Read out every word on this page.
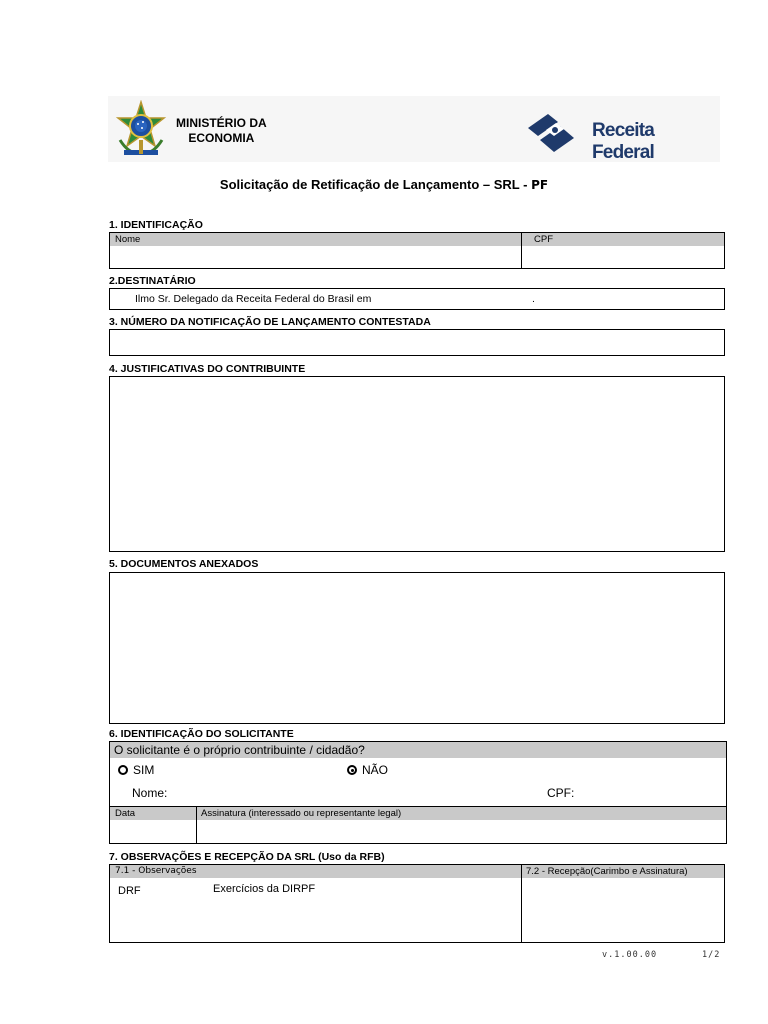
MINISTÉRIO DA
ECONOMIA	Receita Federal
Solicitação de Retificação de Lançamento – SRL - PF
1. IDENTIFICAÇÃO
Nome	CPF
2.DESTINATÁRIO
Ilmo Sr. Delegado da Receita Federal do Brasil em	.
3. NÚMERO DA NOTIFICAÇÃO DE LANÇAMENTO CONTESTADA
4. JUSTIFICATIVAS DO CONTRIBUINTE
5. DOCUMENTOS ANEXADOS
6. IDENTIFICAÇÃO DO SOLICITANTE
O solicitante é o próprio contribuinte / cidadão?
SIM	NÃO
Nome:	CPF:
Data	Assinatura (interessado ou representante legal)
7. OBSERVAÇÕES E RECEPÇÃO DA SRL (Uso da RFB)
7.1 - Observações	7.2 - Recepção(Carimbo e Assinatura)
DRF	Exercícios da DIRPF
v.1.00.00	1/2
